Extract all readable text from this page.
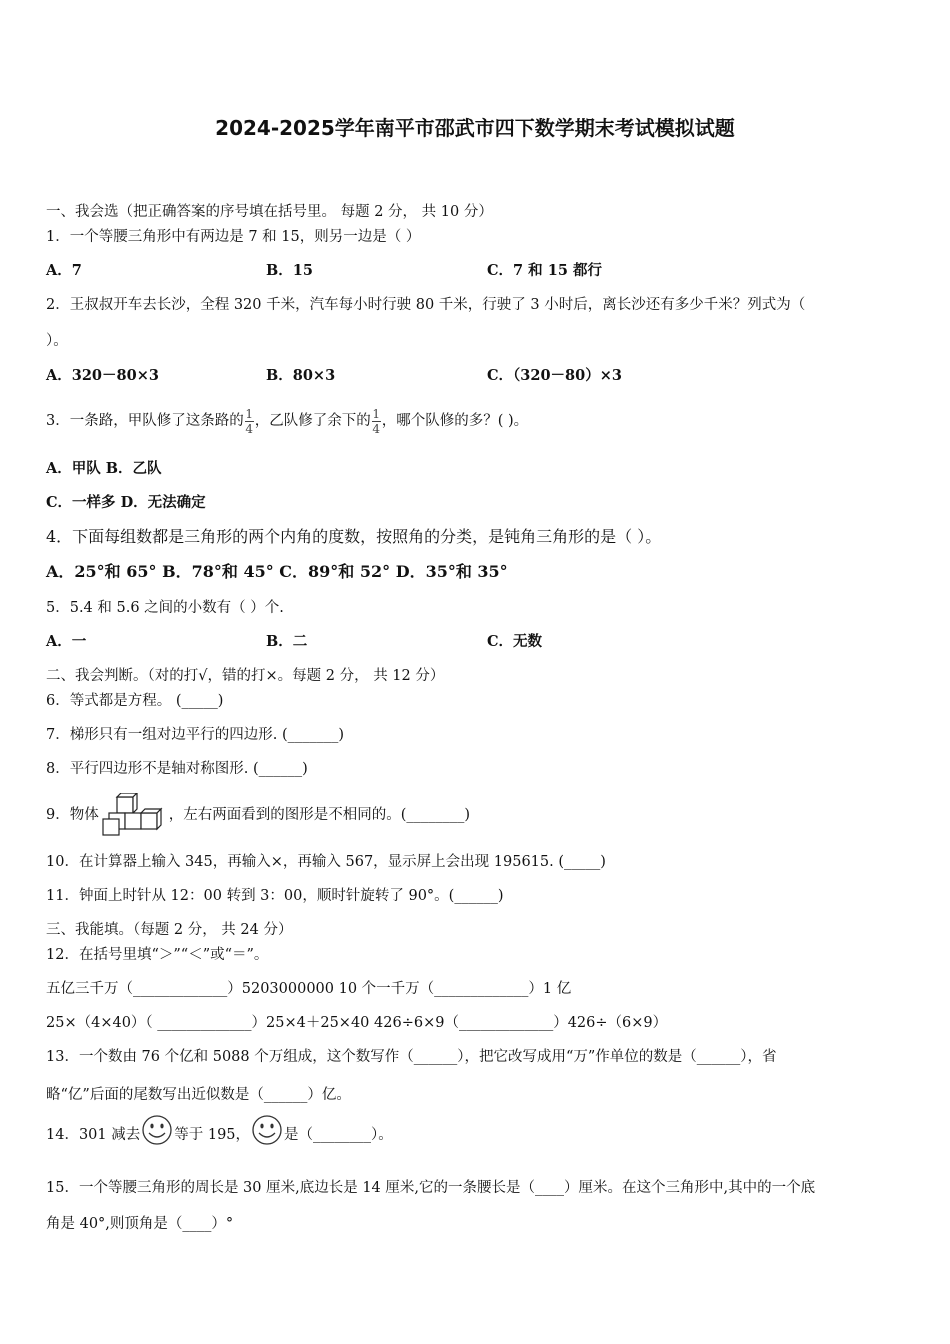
2024-2025学年南平市邵武市四下数学期末考试模拟试题
一、我会选（把正确答案的序号填在括号里。 每题 2 分， 共 10 分）
1．一个等腰三角形中有两边是 7 和 15，则另一边是（ ）
A．7	B．15	C．7 和 15 都行
2．王叔叔开车去长沙，全程 320 千米，汽车每小时行驶 80 千米，行驶了 3 小时后，离长沙还有多少千米？列式为（
）。
A．320－80×3	B．80×3	C．（320－80）×3
3．一条路，甲队修了这条路的 $\frac{1}{4}$ ，乙队修了余下的 $\frac{1}{4}$ ，哪个队修的多？( )。
A．甲队 B．乙队
C．一样多 D．无法确定
4．下面每组数都是三角形的两个内角的度数，按照角的分类，是钝角三角形的是（ ）。
A．25°和 65° B．78°和 45° C．89°和 52° D．35°和 35°
5．5.4 和 5.6 之间的小数有（ ）个.
A．一	B．二	C．无数
二、我会判断。（对的打√，错的打×。每题 2 分， 共 12 分）
6．等式都是方程。 (_____)
7．梯形只有一组对边平行的四边形. (_______)
8．平行四边形不是轴对称图形. (______)
9．物体	，左右两面看到的图形是不相同的。(________)
10．在计算器上输入 345，再输入×，再输入 567，显示屏上会出现 195615. (_____)
11．钟面上时针从 12：00 转到 3：00，顺时针旋转了 90°。(______)
三、我能填。（每题 2 分， 共 24 分）
12．在括号里填“＞”“＜”或“＝”。
五亿三千万（_____________）5203000000 10 个一千万（_____________）1 亿
25×（4×40）（ _____________）25×4＋25×40 426÷6×9（_____________）426÷（6×9）
13．一个数由 76 个亿和 5088 个万组成，这个数写作（______），把它改写成用“万”作单位的数是（______），省
略“亿”后面的尾数写出近似数是（______）亿。
14．301 减去 等于 195， 是（________）。
15．一个等腰三角形的周长是 30 厘米,底边长是 14 厘米,它的一条腰长是（____）厘米。在这个三角形中,其中的一个底
角是 40°,则顶角是（____）°
